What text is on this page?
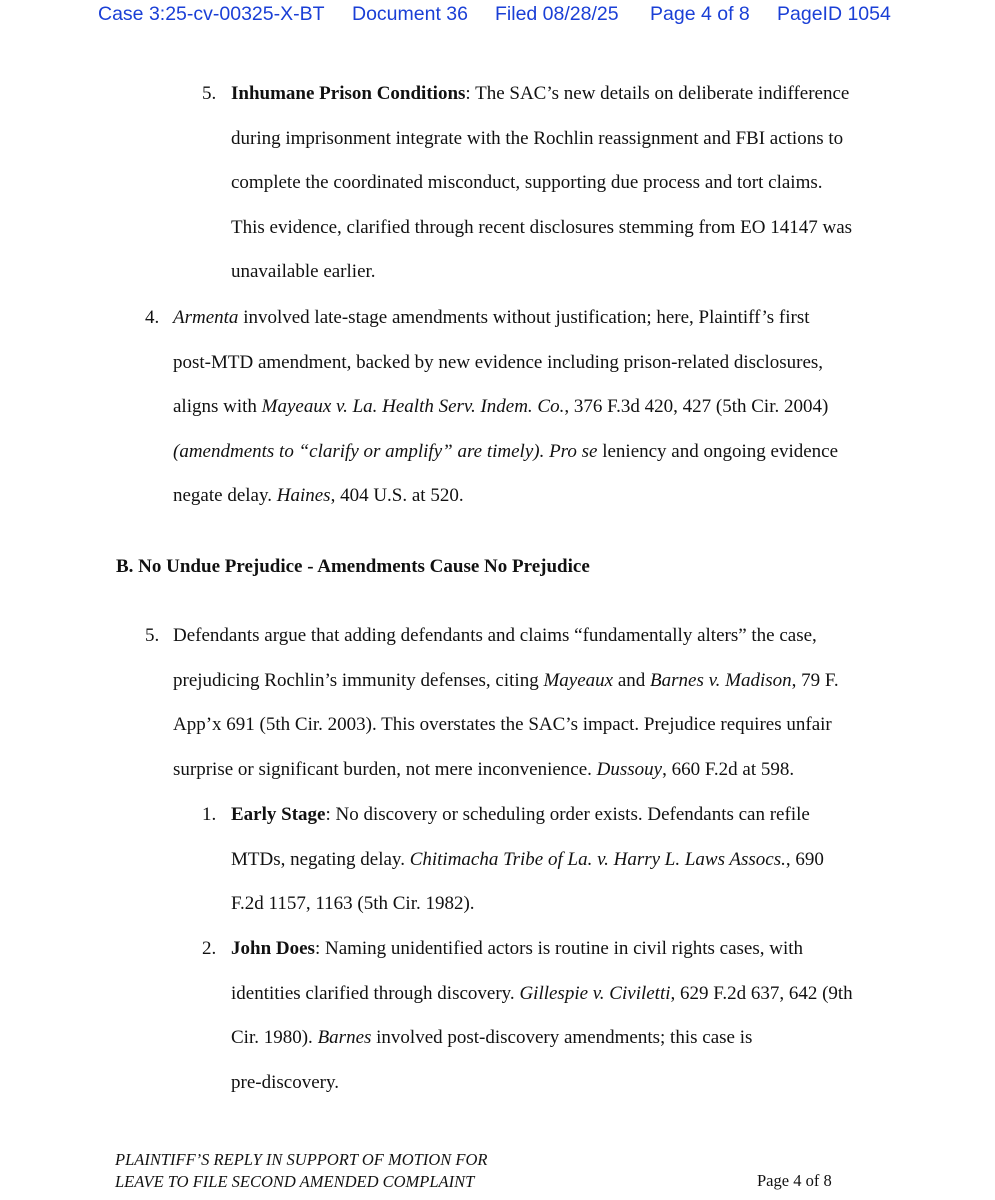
Case 3:25-cv-00325-X-BT Document 36 Filed 08/28/25 Page 4 of 8 PageID 1054
5. Inhumane Prison Conditions: The SAC’s new details on deliberate indifference
during imprisonment integrate with the Rochlin reassignment and FBI actions to
complete the coordinated misconduct, supporting due process and tort claims.
This evidence, clarified through recent disclosures stemming from EO 14147 was
unavailable earlier.
4. Armenta involved late-stage amendments without justification; here, Plaintiff’s first
post-MTD amendment, backed by new evidence including prison-related disclosures,
aligns with Mayeaux v. La. Health Serv. Indem. Co., 376 F.3d 420, 427 (5th Cir. 2004)
(amendments to “clarify or amplify” are timely). Pro se leniency and ongoing evidence
negate delay. Haines, 404 U.S. at 520.
B. No Undue Prejudice - Amendments Cause No Prejudice
5. Defendants argue that adding defendants and claims “fundamentally alters” the case,
prejudicing Rochlin’s immunity defenses, citing Mayeaux and Barnes v. Madison, 79 F.
App’x 691 (5th Cir. 2003). This overstates the SAC’s impact. Prejudice requires unfair
surprise or significant burden, not mere inconvenience. Dussouy, 660 F.2d at 598.
1. Early Stage: No discovery or scheduling order exists. Defendants can refile
MTDs, negating delay. Chitimacha Tribe of La. v. Harry L. Laws Assocs., 690
F.2d 1157, 1163 (5th Cir. 1982).
2. John Does: Naming unidentified actors is routine in civil rights cases, with
identities clarified through discovery. Gillespie v. Civiletti, 629 F.2d 637, 642 (9th
Cir. 1980). Barnes involved post-discovery amendments; this case is
pre-discovery.
PLAINTIFF’S REPLY IN SUPPORT OF MOTION FOR
LEAVE TO FILE SECOND AMENDED COMPLAINT	Page 4 of 8
